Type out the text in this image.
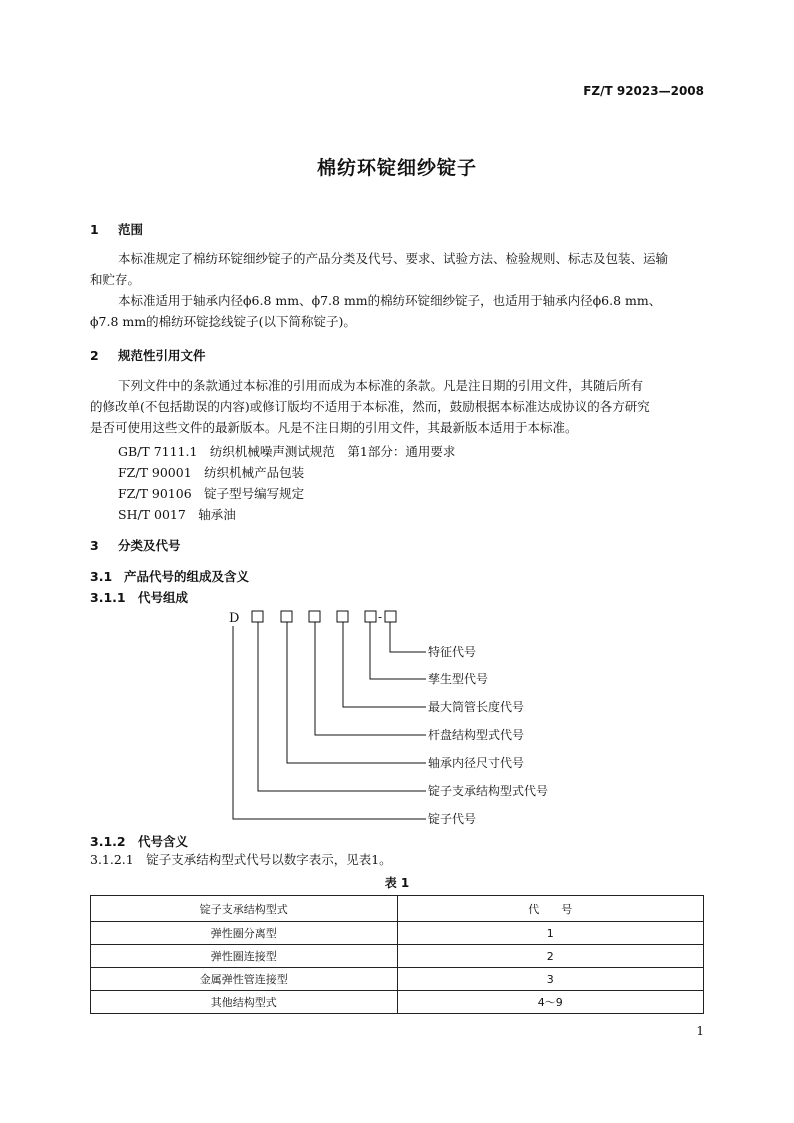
FZ/T 92023—2008
棉纺环锭细纱锭子
1 范围
本标准规定了棉纺环锭细纱锭子的产品分类及代号、要求、试验方法、检验规则、标志及包装、运输
和贮存。
本标准适用于轴承内径ϕ6.8 mm、ϕ7.8 mm的棉纺环锭细纱锭子，也适用于轴承内径ϕ6.8 mm、
ϕ7.8 mm的棉纺环锭捻线锭子(以下简称锭子)。
2 规范性引用文件
下列文件中的条款通过本标准的引用而成为本标准的条款。凡是注日期的引用文件，其随后所有
的修改单(不包括勘误的内容)或修订版均不适用于本标准，然而，鼓励根据本标准达成协议的各方研究
是否可使用这些文件的最新版本。凡是不注日期的引用文件，其最新版本适用于本标准。
GB/T 7111.1　纺织机械噪声测试规范　第1部分：通用要求
FZ/T 90001　纺织机械产品包装
FZ/T 90106　锭子型号编写规定
SH/T 0017　轴承油
3 分类及代号
3.1 产品代号的组成及含义
3.1.1 代号组成
D	-
特征代号
孳生型代号
最大筒管长度代号
杆盘结构型式代号
轴承内径尺寸代号
锭子支承结构型式代号
锭子代号
3.1.2 代号含义
3.1.2.1　锭子支承结构型式代号以数字表示，见表1。
表 1
锭子支承结构型式	代　　号
弹性圈分离型	1
弹性圈连接型	2
金属弹性管连接型	3
其他结构型式	4～9
1
